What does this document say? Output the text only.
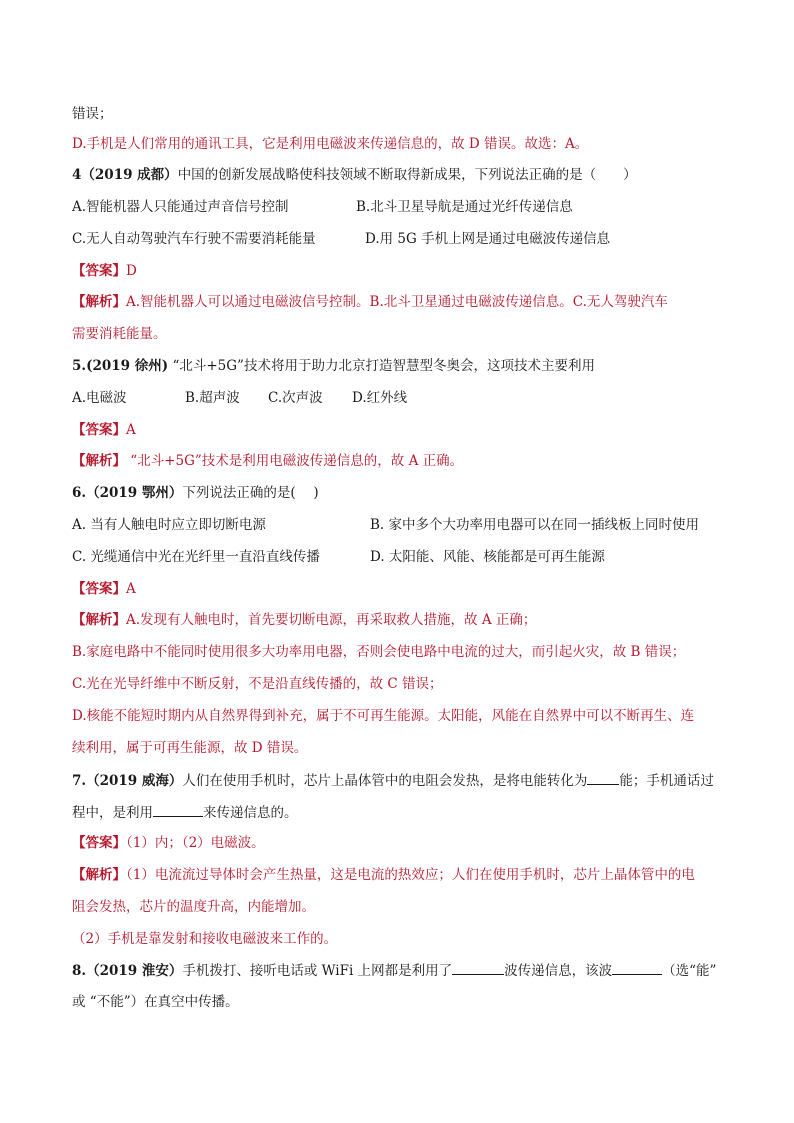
错误；
D.手机是人们常用的通讯工具，它是利用电磁波来传递信息的，故 D 错误。故选：A。
4（2019 成都）中国的创新发展战略使科技领域不断取得新成果，下列说法正确的是（　　）
A.智能机器人只能通过声音信号控制	B.北斗卫星导航是通过光纤传递信息
C.无人自动驾驶汽车行驶不需要消耗能量	D.用 5G 手机上网是通过电磁波传递信息
【答案】D
【解析】A.智能机器人可以通过电磁波信号控制。B.北斗卫星通过电磁波传递信息。C.无人驾驶汽车
需要消耗能量。
5.(2019 徐州) “北斗+5G”技术将用于助力北京打造智慧型冬奥会，这项技术主要利用
A.电磁波	B.超声波 C.次声波 D.红外线
【答案】A
【解析】 “北斗+5G”技术是利用电磁波传递信息的，故 A 正确。
6.（2019 鄂州）下列说法正确的是(　 )
A. 当有人触电时应立即切断电源	B. 家中多个大功率用电器可以在同一插线板上同时使用
C. 光缆通信中光在光纤里一直沿直线传播	D. 太阳能、风能、核能都是可再生能源
【答案】A
【解析】A.发现有人触电时，首先要切断电源，再采取救人措施，故 A 正确；
B.家庭电路中不能同时使用很多大功率用电器，否则会使电路中电流的过大，而引起火灾，故 B 错误；
C.光在光导纤维中不断反射，不是沿直线传播的，故 C 错误；
D.核能不能短时期内从自然界得到补充，属于不可再生能源。太阳能，风能在自然界中可以不断再生、连
续利用，属于可再生能源，故 D 错误。
7.（2019 威海）人们在使用手机时，芯片上晶体管中的电阻会发热，是将电能转化为 能；手机通话过
程中，是利用	来传递信息的。
【答案】（1）内；（2）电磁波。
【解析】（1）电流流过导体时会产生热量，这是电流的热效应；人们在使用手机时，芯片上晶体管中的电
阻会发热，芯片的温度升高，内能增加。
（2）手机是靠发射和接收电磁波来工作的。
8.（2019 淮安）手机拨打、接听电话或 WiFi 上网都是利用了	波传递信息，该波	（选“能”
或 “不能”）在真空中传播。
